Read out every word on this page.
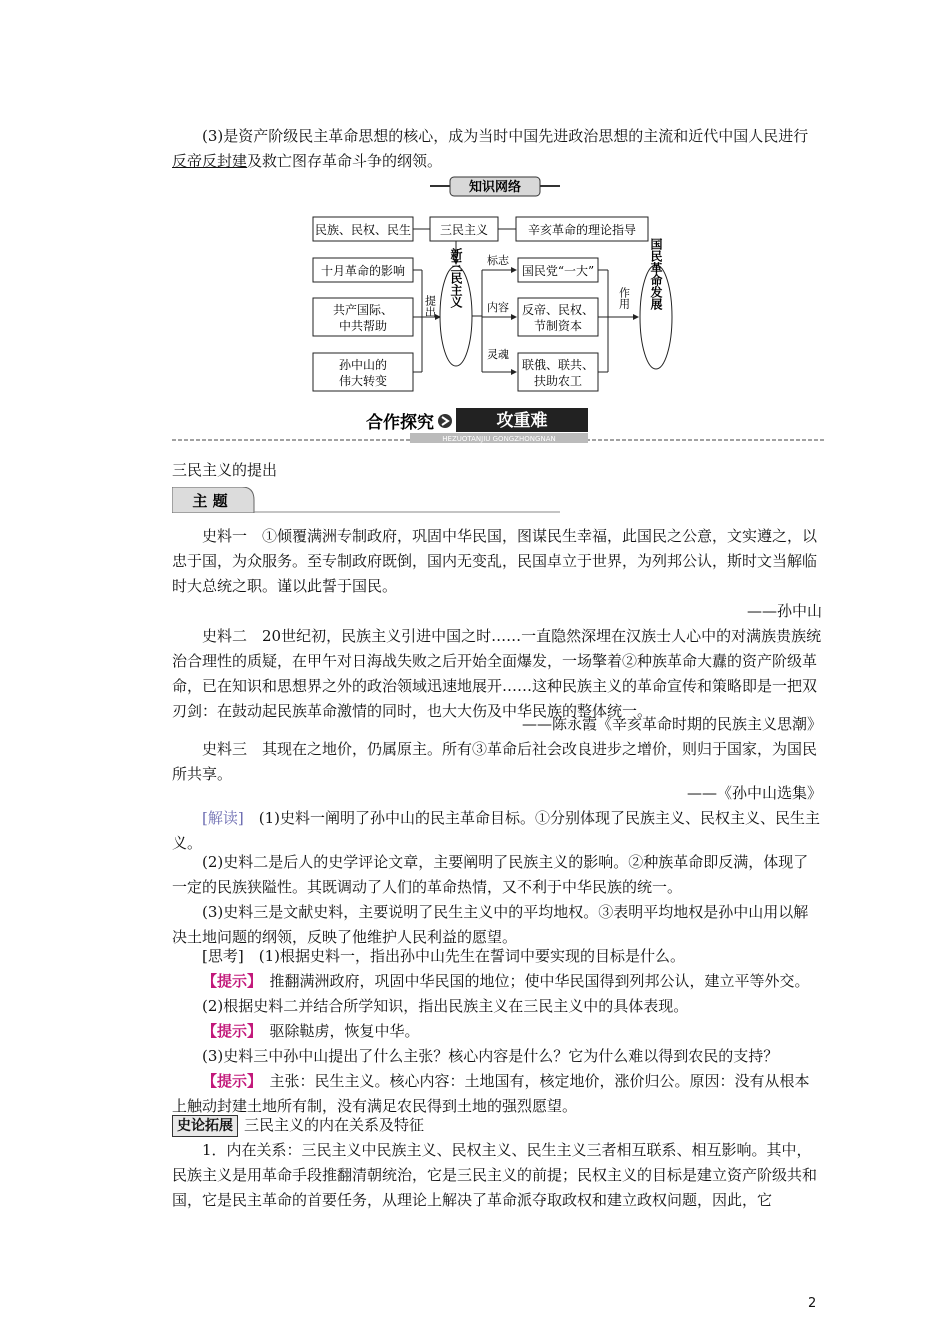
(3)是资产阶级民主革命思想的核心，成为当时中国先进政治思想的主流和近代中国人民进行反帝反封建及救亡图存革命斗争的纲领。

知识网络
民族、民权、民生 三民主义	辛亥革命的理论指导
十月革命的影响
共产国际、
中共帮助
孙中山的
伟大转变
提出 新三民主义 标志
内容
灵魂
国民党“一大”
反帝、民权、
节制资本
联俄、联共、
扶助农工
作用 国民革命发展
合作探究	攻重难
HEZUOTANJIU GONGZHONGNAN

三民主义的提出

主 题

史料一　①倾覆满洲专制政府，巩固中华民国，图谋民生幸福，此国民之公意，文实遵之，以忠于国，为众服务。至专制政府既倒，国内无变乱，民国卓立于世界，为列邦公认，斯时文当解临时大总统之职。谨以此誓于国民。

——孙中山

史料二　20世纪初，民族主义引进中国之时……一直隐然深埋在汉族士人心中的对满族贵族统治合理性的质疑，在甲午对日海战失败之后开始全面爆发，一场擎着②种族革命大纛的资产阶级革命，已在知识和思想界之外的政治领域迅速地展开……这种民族主义的革命宣传和策略即是一把双刃剑：在鼓动起民族革命激情的同时，也大大伤及中华民族的整体统一。

——陈永霞《辛亥革命时期的民族主义思潮》

史料三　其现在之地价，仍属原主。所有③革命后社会改良进步之增价，则归于国家，为国民所共享。

——《孙中山选集》

[解读]　(1)史料一阐明了孙中山的民主革命目标。①分别体现了民族主义、民权主义、民生主义。

(2)史料二是后人的史学评论文章，主要阐明了民族主义的影响。②种族革命即反满，体现了一定的民族狭隘性。其既调动了人们的革命热情，又不利于中华民族的统一。

(3)史料三是文献史料，主要说明了民生主义中的平均地权。③表明平均地权是孙中山用以解决土地问题的纲领，反映了他维护人民利益的愿望。

[思考]　(1)根据史料一，指出孙中山先生在誓词中要实现的目标是什么。

【提示】　推翻满洲政府，巩固中华民国的地位；使中华民国得到列邦公认，建立平等外交。

(2)根据史料二并结合所学知识，指出民族主义在三民主义中的具体表现。

【提示】　驱除鞑虏，恢复中华。

(3)史料三中孙中山提出了什么主张？核心内容是什么？它为什么难以得到农民的支持？

【提示】　主张：民生主义。核心内容：土地国有，核定地价，涨价归公。原因：没有从根本上触动封建土地所有制，没有满足农民得到土地的强烈愿望。

史论拓展 三民主义的内在关系及特征

1．内在关系：三民主义中民族主义、民权主义、民生主义三者相互联系、相互影响。其中，民族主义是用革命手段推翻清朝统治，它是三民主义的前提；民权主义的目标是建立资产阶级共和国，它是民主革命的首要任务，从理论上解决了革命派夺取政权和建立政权问题，因此，它

2
